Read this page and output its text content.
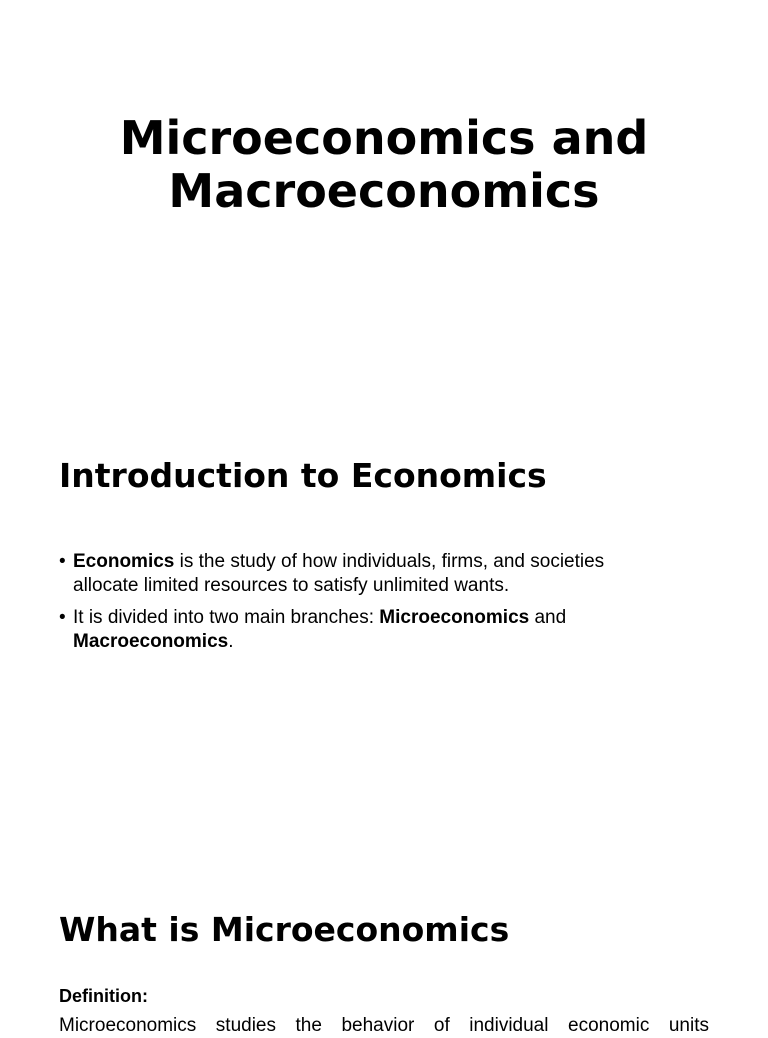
Microeconomics and
Macroeconomics
Introduction to Economics
• Economics is the study of how individuals, firms, and societies allocate limited resources to satisfy unlimited wants.
• It is divided into two main branches: Microeconomics and Macroeconomics.
What is Microeconomics

Definition:

Microeconomics studies the behavior of individual economic units
